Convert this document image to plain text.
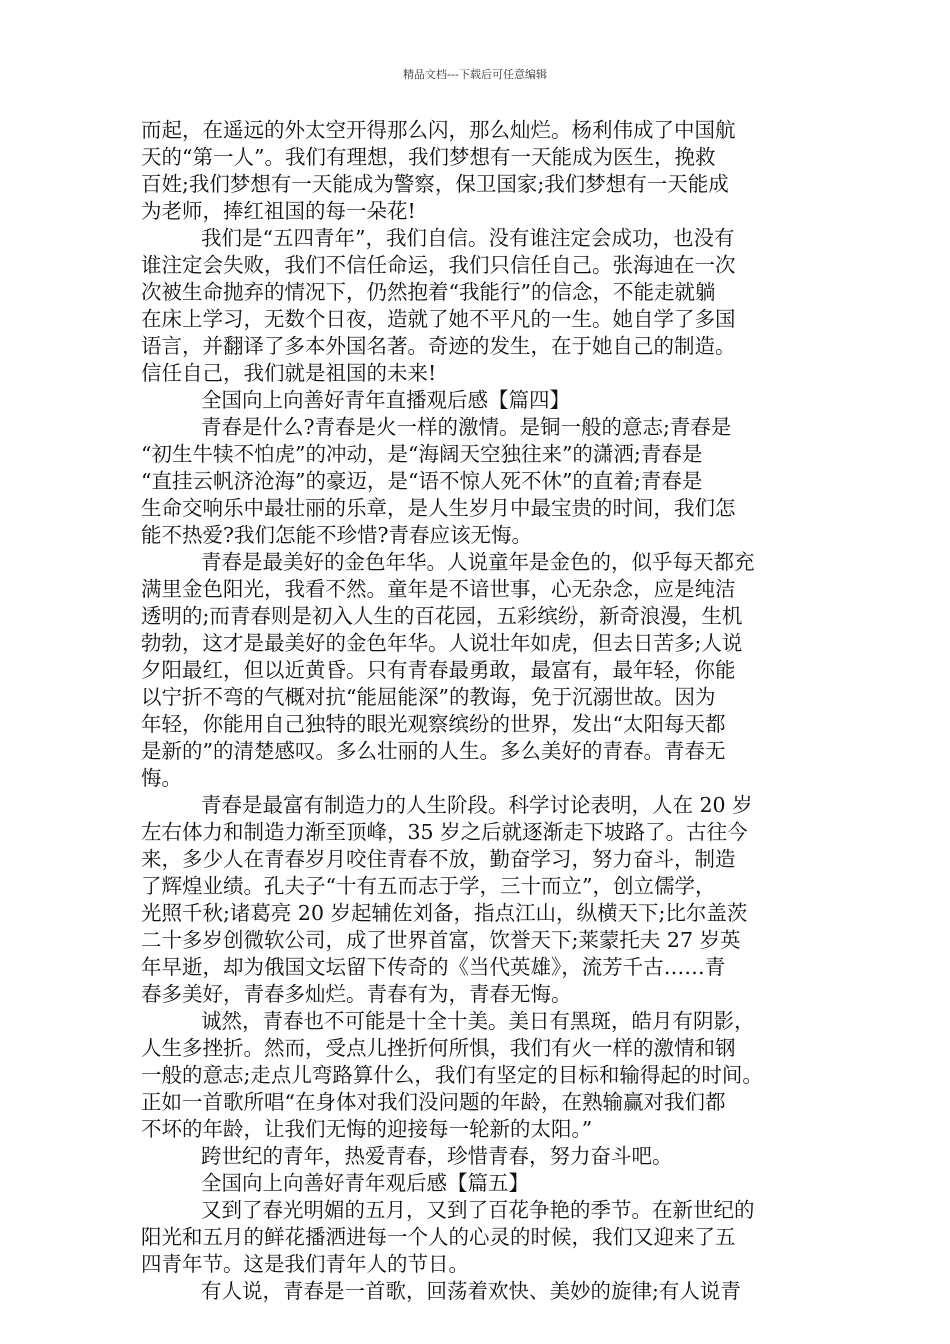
精品文档---下载后可任意编辑
而起，在遥远的外太空开得那么闪，那么灿烂。杨利伟成了中国航
天的“第一人”。我们有理想，我们梦想有一天能成为医生，挽救
百姓;我们梦想有一天能成为警察，保卫国家;我们梦想有一天能成
为老师，捧红祖国的每一朵花!
我们是“五四青年”，我们自信。没有谁注定会成功，也没有
谁注定会失败，我们不信任命运，我们只信任自己。张海迪在一次
次被生命抛弃的情况下，仍然抱着“我能行”的信念，不能走就躺
在床上学习，无数个日夜，造就了她不平凡的一生。她自学了多国
语言，并翻译了多本外国名著。奇迹的发生，在于她自己的制造。
信任自己，我们就是祖国的未来!
全国向上向善好青年直播观后感【篇四】
青春是什么?青春是火一样的激情。是铜一般的意志;青春是
“初生牛犊不怕虎”的冲动，是“海阔天空独往来”的潇洒;青春是
“直挂云帆济沧海”的豪迈，是“语不惊人死不休”的直着;青春是
生命交响乐中最壮丽的乐章，是人生岁月中最宝贵的时间，我们怎
能不热爱?我们怎能不珍惜?青春应该无悔。
青春是最美好的金色年华。人说童年是金色的，似乎每天都充
满里金色阳光，我看不然。童年是不谙世事，心无杂念，应是纯洁
透明的;而青春则是初入人生的百花园，五彩缤纷，新奇浪漫，生机
勃勃，这才是最美好的金色年华。人说壮年如虎，但去日苦多;人说
夕阳最红，但以近黄昏。只有青春最勇敢，最富有，最年轻，你能
以宁折不弯的气概对抗“能屈能深”的教诲，免于沉溺世故。因为
年轻，你能用自己独特的眼光观察缤纷的世界，发出“太阳每天都
是新的”的清楚感叹。多么壮丽的人生。多么美好的青春。青春无
悔。
青春是最富有制造力的人生阶段。科学讨论表明，人在 20 岁
左右体力和制造力渐至顶峰，35 岁之后就逐渐走下坡路了。古往今
来，多少人在青春岁月咬住青春不放，勤奋学习，努力奋斗，制造
了辉煌业绩。孔夫子“十有五而志于学，三十而立”，创立儒学，
光照千秋;诸葛亮 20 岁起辅佐刘备，指点江山，纵横天下;比尔盖茨
二十多岁创微软公司，成了世界首富，饮誉天下;莱蒙托夫 27 岁英
年早逝，却为俄国文坛留下传奇的《当代英雄》，流芳千古……青
春多美好，青春多灿烂。青春有为，青春无悔。
诚然，青春也不可能是十全十美。美日有黑斑，皓月有阴影，
人生多挫折。然而，受点儿挫折何所惧，我们有火一样的激情和钢
一般的意志;走点儿弯路算什么，我们有坚定的目标和输得起的时间。
正如一首歌所唱“在身体对我们没问题的年龄，在熟输赢对我们都
不坏的年龄，让我们无悔的迎接每一轮新的太阳。”
跨世纪的青年，热爱青春，珍惜青春，努力奋斗吧。
全国向上向善好青年观后感【篇五】
又到了春光明媚的五月，又到了百花争艳的季节。在新世纪的
阳光和五月的鲜花播洒进每一个人的心灵的时候，我们又迎来了五
四青年节。这是我们青年人的节日。
有人说，青春是一首歌，回荡着欢快、美妙的旋律;有人说青
